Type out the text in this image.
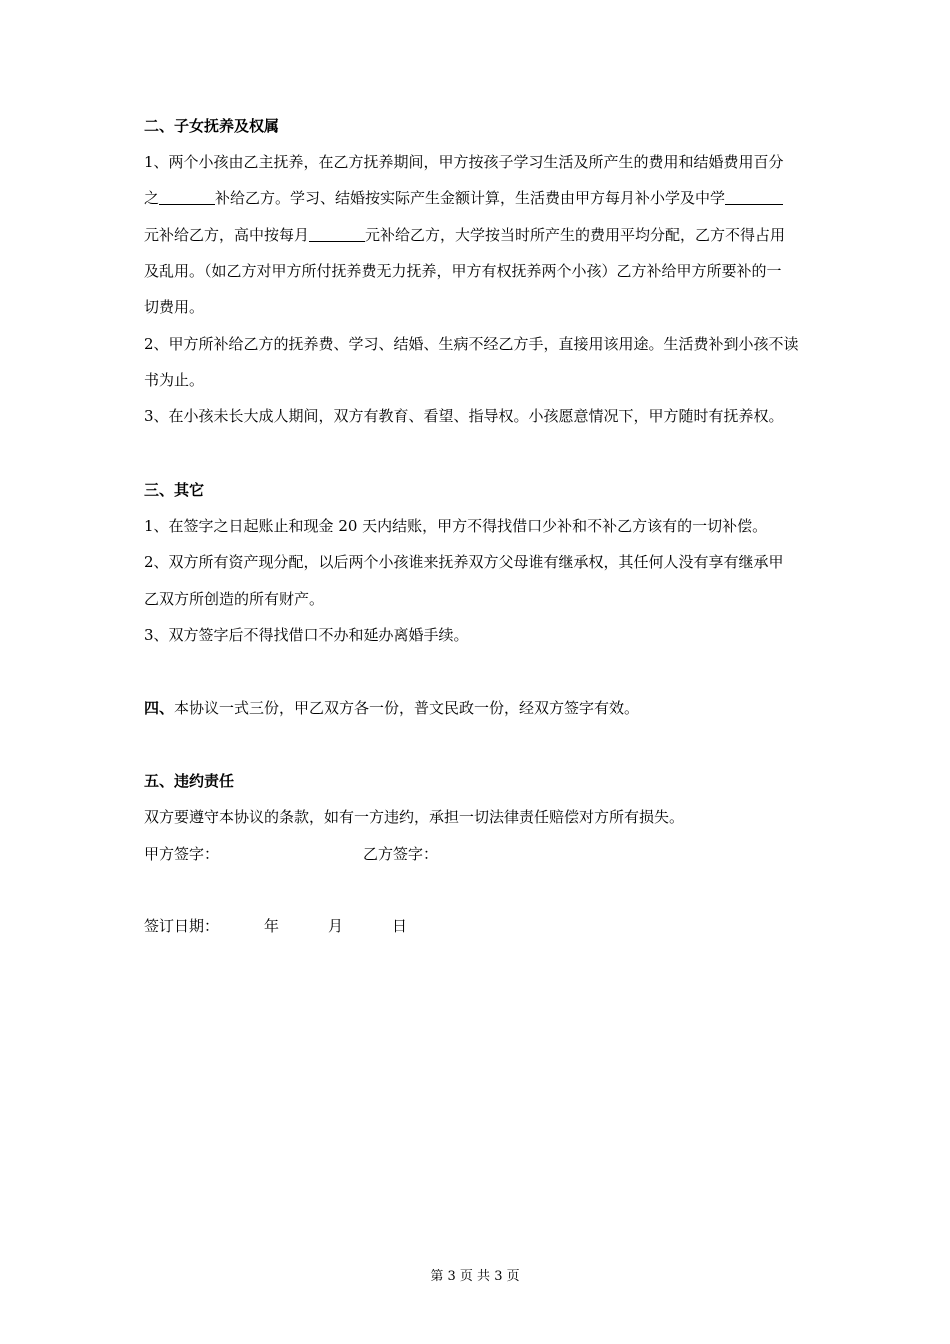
二、子女抚养及权属
1、两个小孩由乙主抚养，在乙方抚养期间，甲方按孩子学习生活及所产生的费用和结婚费用百分
之	补给乙方。学习、结婚按实际产生金额计算，生活费由甲方每月补小学及中学
元补给乙方，高中按每月	元补给乙方，大学按当时所产生的费用平均分配，乙方不得占用
及乱用。（如乙方对甲方所付抚养费无力抚养，甲方有权抚养两个小孩）乙方补给甲方所要补的一
切费用。
2、甲方所补给乙方的抚养费、学习、结婚、生病不经乙方手，直接用该用途。生活费补到小孩不读
书为止。
3、在小孩未长大成人期间，双方有教育、看望、指导权。小孩愿意情况下，甲方随时有抚养权。
三、其它
1、在签字之日起账止和现金 20 天内结账，甲方不得找借口少补和不补乙方该有的一切补偿。
2、双方所有资产现分配，以后两个小孩谁来抚养双方父母谁有继承权，其任何人没有享有继承甲
乙双方所创造的所有财产。
3、双方签字后不得找借口不办和延办离婚手续。
四、本协议一式三份，甲乙双方各一份，普文民政一份，经双方签字有效。
五、违约责任
双方要遵守本协议的条款，如有一方违约，承担一切法律责任赔偿对方所有损失。
甲方签字：	乙方签字：
签订日期：	年	月	日
第 3 页 共 3 页
